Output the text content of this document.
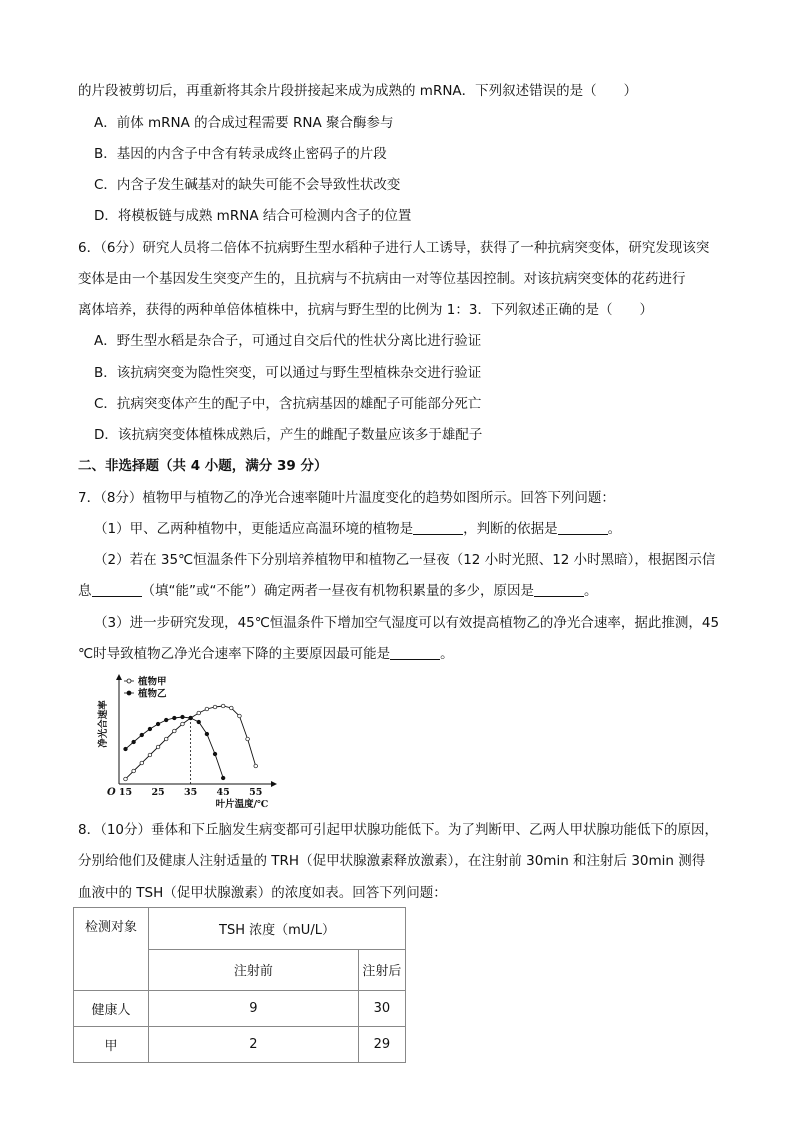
的片段被剪切后，再重新将其余片段拼接起来成为成熟的 mRNA．下列叙述错误的是（　　）
A．前体 mRNA 的合成过程需要 RNA 聚合酶参与
B．基因的内含子中含有转录成终止密码子的片段
C．内含子发生碱基对的缺失可能不会导致性状改变
D．将模板链与成熟 mRNA 结合可检测内含子的位置
6．（6分）研究人员将二倍体不抗病野生型水稻种子进行人工诱导，获得了一种抗病突变体，研究发现该突
变体是由一个基因发生突变产生的，且抗病与不抗病由一对等位基因控制。对该抗病突变体的花药进行
离体培养，获得的两种单倍体植株中，抗病与野生型的比例为 1：3．下列叙述正确的是（　　）
A．野生型水稻是杂合子，可通过自交后代的性状分离比进行验证
B．该抗病突变为隐性突变，可以通过与野生型植株杂交进行验证
C．抗病突变体产生的配子中，含抗病基因的雄配子可能部分死亡
D．该抗病突变体植株成熟后，产生的雌配子数量应该多于雄配子
二、非选择题（共 4 小题，满分 39 分）
7．（8分）植物甲与植物乙的净光合速率随叶片温度变化的趋势如图所示。回答下列问题：
（1）甲、乙两种植物中，更能适应高温环境的植物是	，判断的依据是	。
（2）若在 35℃恒温条件下分别培养植物甲和植物乙一昼夜（12 小时光照、12 小时黑暗），根据图示信
息	（填“能”或“不能”）确定两者一昼夜有机物积累量的多少，原因是	。
（3）进一步研究发现，45℃恒温条件下增加空气湿度可以有效提高植物乙的净光合速率，据此推测，45
℃时导致植物乙净光合速率下降的主要原因最可能是	。
O 15 25 35 45 55
叶片温度/℃
净光合速率
植物甲
植物乙
8．（10分）垂体和下丘脑发生病变都可引起甲状腺功能低下。为了判断甲、乙两人甲状腺功能低下的原因，
分别给他们及健康人注射适量的 TRH（促甲状腺激素释放激素），在注射前 30min 和注射后 30min 测得
血液中的 TSH（促甲状腺激素）的浓度如表。回答下列问题：
检测对象	TSH 浓度（mU/L）	
	注射前	注射后
健康人	9	30
甲	2	29
